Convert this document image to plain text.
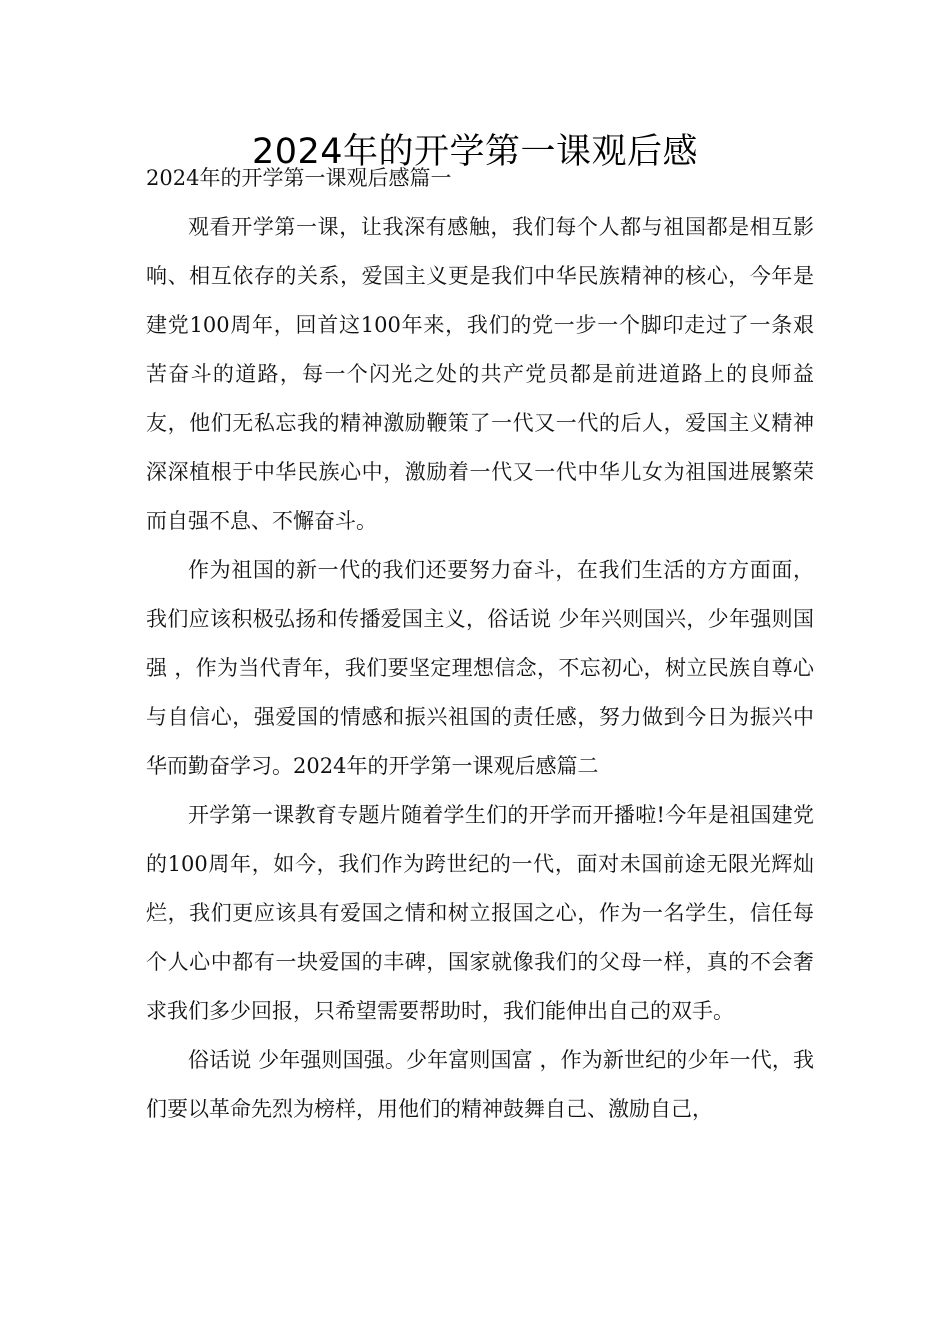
2024年的开学第一课观后感
2024年的开学第一课观后感篇一

观看开学第一课，让我深有感触，我们每个人都与祖国都是相互影响、相互依存的关系，爱国主义更是我们中华民族精神的核心，今年是建党100周年，回首这100年来，我们的党一步一个脚印走过了一条艰苦奋斗的道路，每一个闪光之处的共产党员都是前进道路上的良师益友，他们无私忘我的精神激励鞭策了一代又一代的后人，爱国主义精神深深植根于中华民族心中，激励着一代又一代中华儿女为祖国进展繁荣而自强不息、不懈奋斗。

作为祖国的新一代的我们还要努力奋斗，在我们生活的方方面面，我们应该积极弘扬和传播爱国主义，俗话说 少年兴则国兴，少年强则国强 ，作为当代青年，我们要坚定理想信念，不忘初心，树立民族自尊心与自信心，强爱国的情感和振兴祖国的责任感，努力做到今日为振兴中华而勤奋学习。2024年的开学第一课观后感篇二

开学第一课教育专题片随着学生们的开学而开播啦!今年是祖国建党的100周年，如今，我们作为跨世纪的一代，面对未国前途无限光辉灿烂，我们更应该具有爱国之情和树立报国之心，作为一名学生，信任每个人心中都有一块爱国的丰碑，国家就像我们的父母一样，真的不会奢求我们多少回报，只希望需要帮助时，我们能伸出自己的双手。

俗话说 少年强则国强。少年富则国富 ，作为新世纪的少年一代，我们要以革命先烈为榜样，用他们的精神鼓舞自己、激励自己，
